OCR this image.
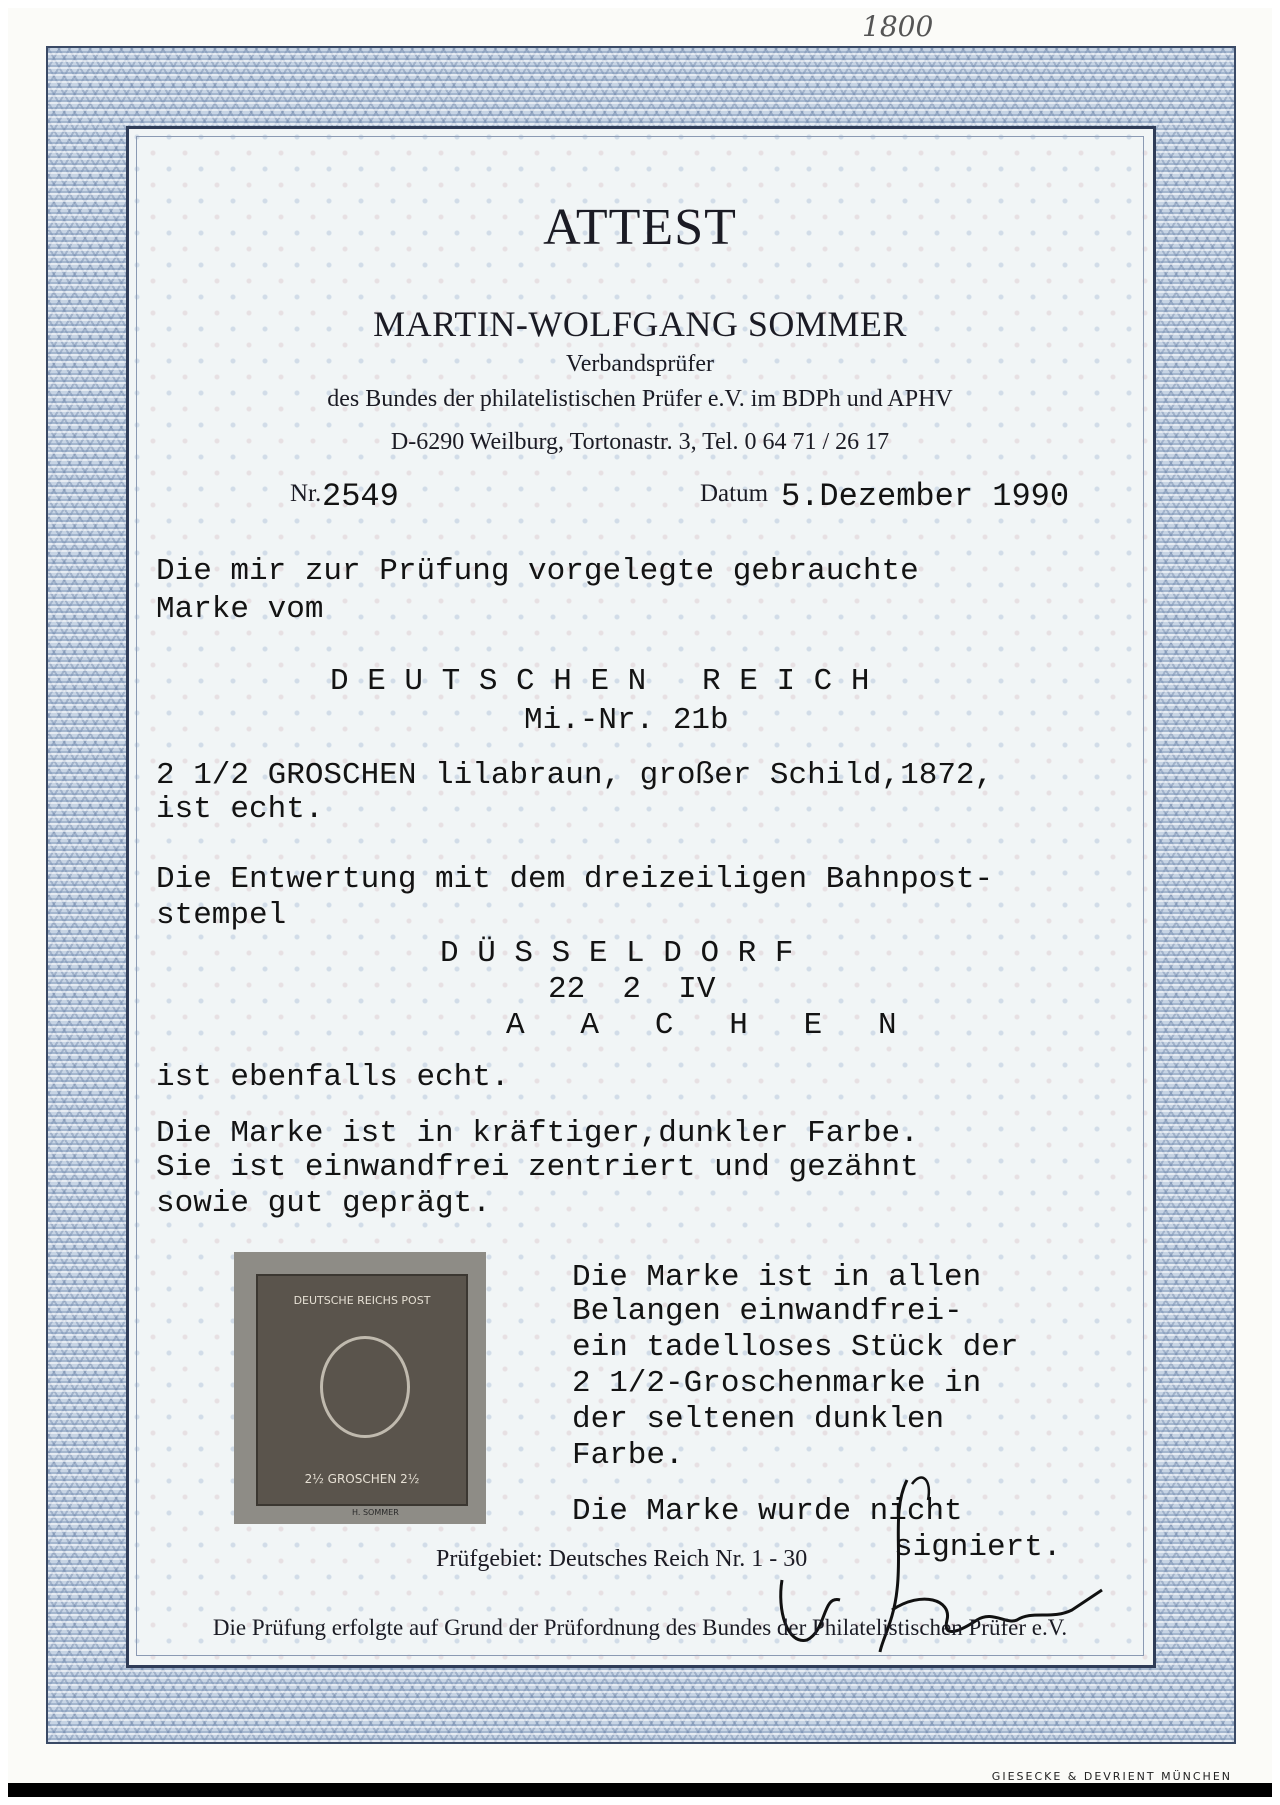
1800
ATTEST
MARTIN-WOLFGANG SOMMER
Verbandsprüfer
des Bundes der philatelistischen Prüfer e.V. im BDPh und APHV
D-6290 Weilburg, Tortonastr. 3, Tel. 0 64 71 / 26 17
Nr. 2549	Datum 5.Dezember 1990
Die mir zur Prüfung vorgelegte gebrauchte
Marke vom
D E U T S C H E N   R E I C H
Mi.-Nr. 21b
2 1/2 GROSCHEN lilabraun, großer Schild,1872,
ist echt.
Die Entwertung mit dem dreizeiligen Bahnpost-
stempel
D Ü S S E L D O R F
22  2  IV
A   A   C   H   E   N
ist ebenfalls echt.
Die Marke ist in kräftiger,dunkler Farbe.
Sie ist einwandfrei zentriert und gezähnt
sowie gut geprägt.
DEUTSCHE REICHS POST
2½ GROSCHEN 2½
H. SOMMER
Die Marke ist in allen
Belangen einwandfrei-
ein tadelloses Stück der
2 1/2-Groschenmarke in
der seltenen dunklen
Farbe.
Die Marke wurde nicht
signiert.
Prüfgebiet: Deutsches Reich Nr. 1 - 30
Die Prüfung erfolgte auf Grund der Prüfordnung des Bundes der Philatelistischen Prüfer e.V.
GIESECKE & DEVRIENT MÜNCHEN
